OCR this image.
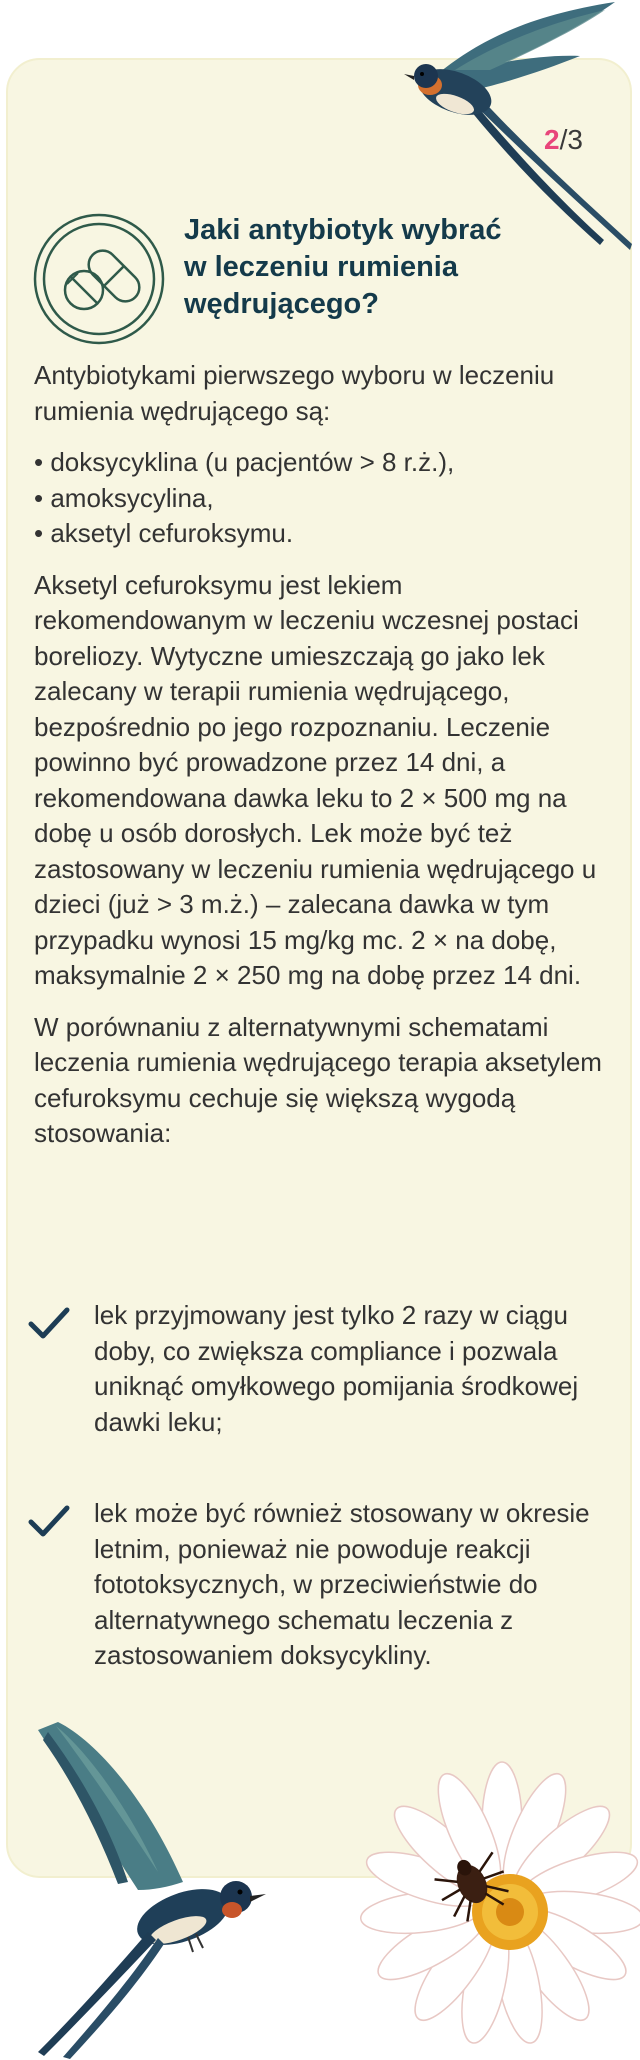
2/3
Jaki antybiotyk wybrać w leczeniu rumienia wędrującego?

Antybiotykami pierwszego wyboru w leczeniu rumienia wędrującego są:

• doksycyklina (u pacjentów > 8 r.ż.),
• amoksycylina,
• aksetyl cefuroksymu.

Aksetyl cefuroksymu jest lekiem rekomendowanym w leczeniu wczesnej postaci boreliozy. Wytyczne umieszczają go jako lek zalecany w terapii rumienia wędrującego, bezpośrednio po jego rozpoznaniu. Leczenie powinno być prowadzone przez 14 dni, a rekomendowana dawka leku to 2 × 500 mg na dobę u osób dorosłych. Lek może być też zastosowany w leczeniu rumienia wędrującego u dzieci (już > 3 m.ż.) – zalecana dawka w tym przypadku wynosi 15 mg/kg mc. 2 × na dobę, maksymalnie 2 × 250 mg na dobę przez 14 dni.

W porównaniu z alternatywnymi schematami leczenia rumienia wędrującego terapia aksetylem cefuroksymu cechuje się większą wygodą stosowania:

lek przyjmowany jest tylko 2 razy w ciągu doby, co zwiększa compliance i pozwala uniknąć omyłkowego pomijania środkowej dawki leku;
lek może być również stosowany w okresie letnim, ponieważ nie powoduje reakcji fototoksycznych, w przeciwieństwie do alternatywnego schematu leczenia z zastosowaniem doksycykliny.
